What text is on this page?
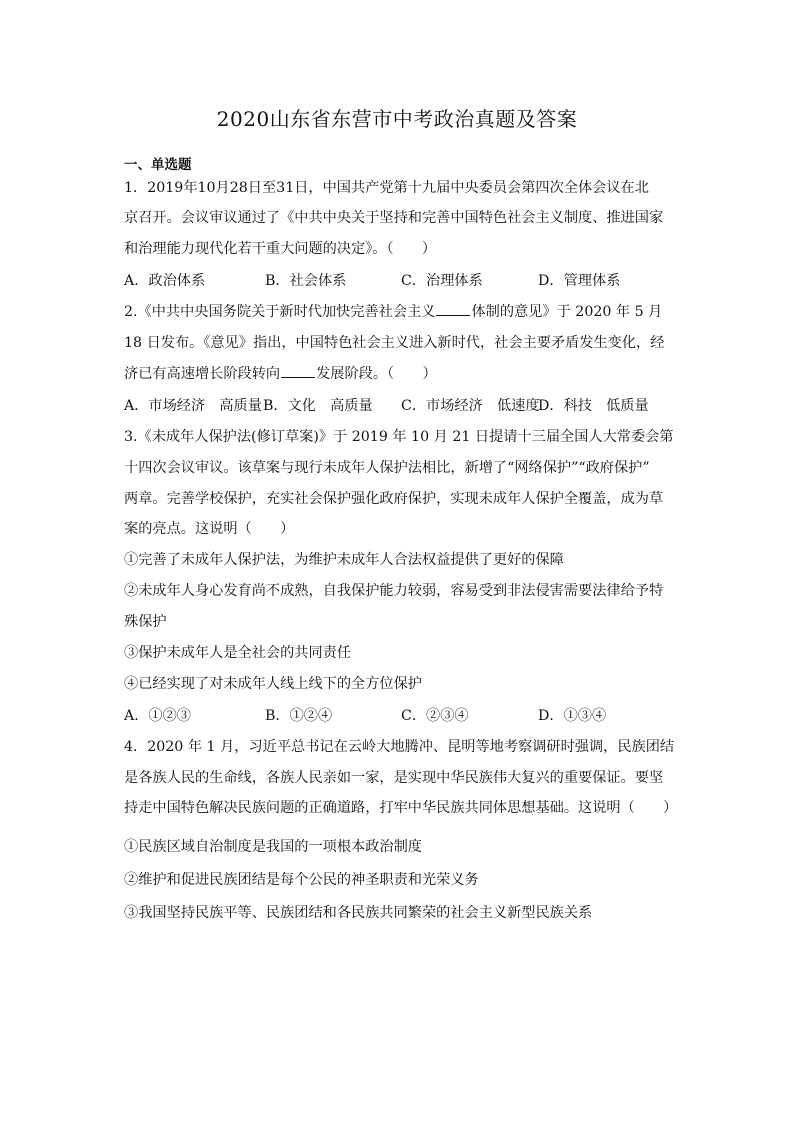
2020山东省东营市中考政治真题及答案
一、单选题
1．2019年10月28日至31日，中国共产党第十九届中央委员会第四次全体会议在北
京召开。会议审议通过了《中共中央关于坚持和完善中国特色社会主义制度、推进国家
和治理能力现代化若干重大问题的决定》。（　　）
A．政治体系	B．社会体系	C．治理体系	D．管理体系
2.《中共中央国务院关于新时代加快完善社会主义	体制的意见》于 2020 年 5 月
18 日发布。《意见》指出，中国特色社会主义进入新时代，社会主要矛盾发生变化，经
济已有高速增长阶段转向	发展阶段。（　　）
A．市场经济　高质量 B．文化　高质量 C．市场经济　低速度
D．科技　低质量
3.《未成年人保护法(修订草案)》于 2019 年 10 月 21 日提请十三届全国人大常委会第
十四次会议审议。该草案与现行未成年人保护法相比，新增了“网络保护”“政府保护”
两章。完善学校保护，充实社会保护强化政府保护，实现未成年人保护全覆盖，成为草
案的亮点。这说明（　　）
①完善了未成年人保护法，为维护未成年人合法权益提供了更好的保障
②未成年人身心发育尚不成熟，自我保护能力较弱，容易受到非法侵害需要法律给予特
殊保护
③保护未成年人是全社会的共同责任
④已经实现了对未成年人线上线下的全方位保护
A．①②③	B．①②④	C．②③④	D．①③④
4．2020 年 1 月，习近平总书记在云岭大地腾冲、昆明等地考察调研时强调，民族团结
是各族人民的生命线，各族人民亲如一家，是实现中华民族伟大复兴的重要保证。要坚
持走中国特色解决民族问题的正确道路，打牢中华民族共同体思想基础。这说明（　　）
①民族区域自治制度是我国的一项根本政治制度
②维护和促进民族团结是每个公民的神圣职责和光荣义务
③我国坚持民族平等、民族团结和各民族共同繁荣的社会主义新型民族关系
